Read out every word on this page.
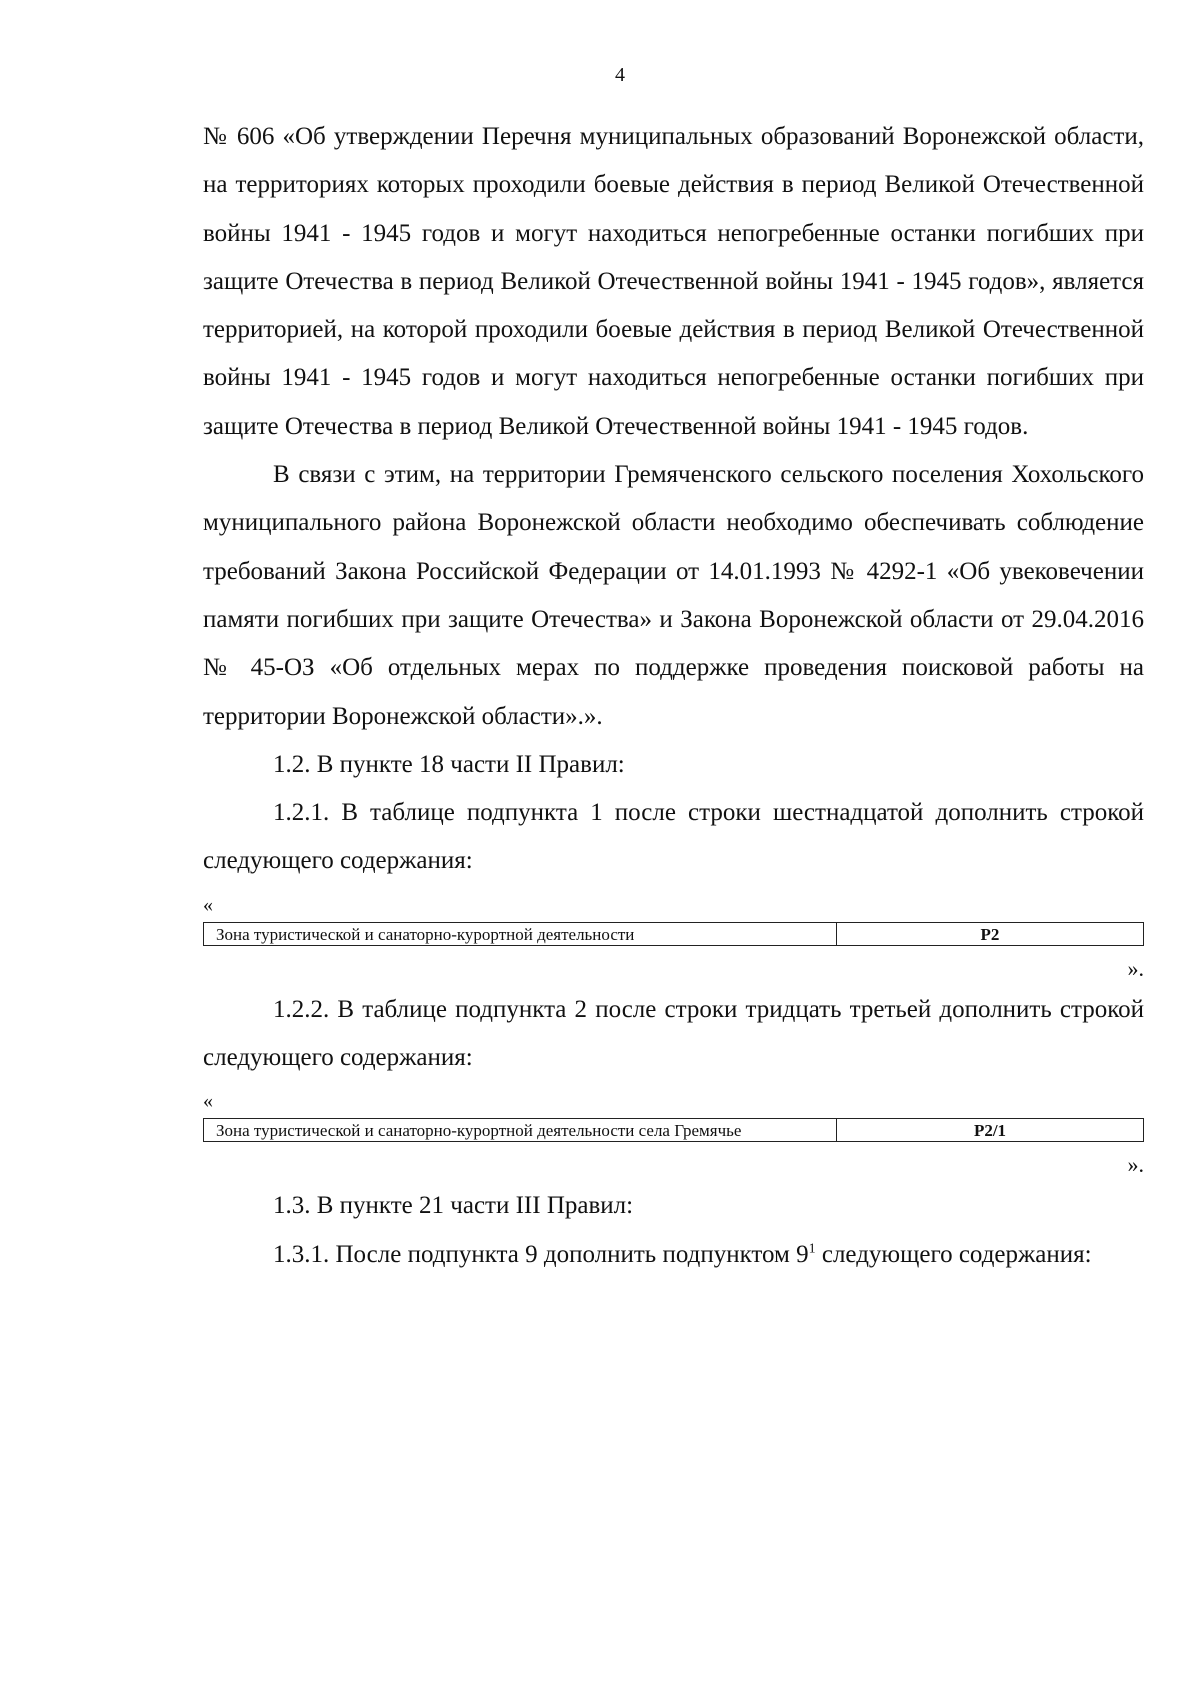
4

№ 606 «Об утверждении Перечня муниципальных образований Воронежской области, на территориях которых проходили боевые действия в период Великой Отечественной войны 1941 - 1945 годов и могут находиться непогребенные останки погибших при защите Отечества в период Великой Отечественной войны 1941 - 1945 годов», является территорией, на которой проходили боевые действия в период Великой Отечественной войны 1941 - 1945 годов и могут находиться непогребенные останки погибших при защите Отечества в период Великой Отечественной войны 1941 - 1945 годов.

В связи с этим, на территории Гремяченского сельского поселения Хохольского муниципального района Воронежской области необходимо обеспечивать соблюдение требований Закона Российской Федерации от 14.01.1993 № 4292-1 «Об увековечении памяти погибших при защите Отечества» и Закона Воронежской области от 29.04.2016 № 45-ОЗ «Об отдельных мерах по поддержке проведения поисковой работы на территории Воронежской области».».

1.2. В пункте 18 части II Правил:

1.2.1. В таблице подпункта 1 после строки шестнадцатой дополнить строкой следующего содержания:

«
Зона туристической и санаторно-курортной деятельности	Р2
».

1.2.2. В таблице подпункта 2 после строки тридцать третьей дополнить строкой следующего содержания:

«
Зона туристической и санаторно-курортной деятельности села Гремячье	Р2/1
».

1.3. В пункте 21 части III Правил:

1.3.1. После подпункта 9 дополнить подпунктом $9^1$ следующего содержания:
